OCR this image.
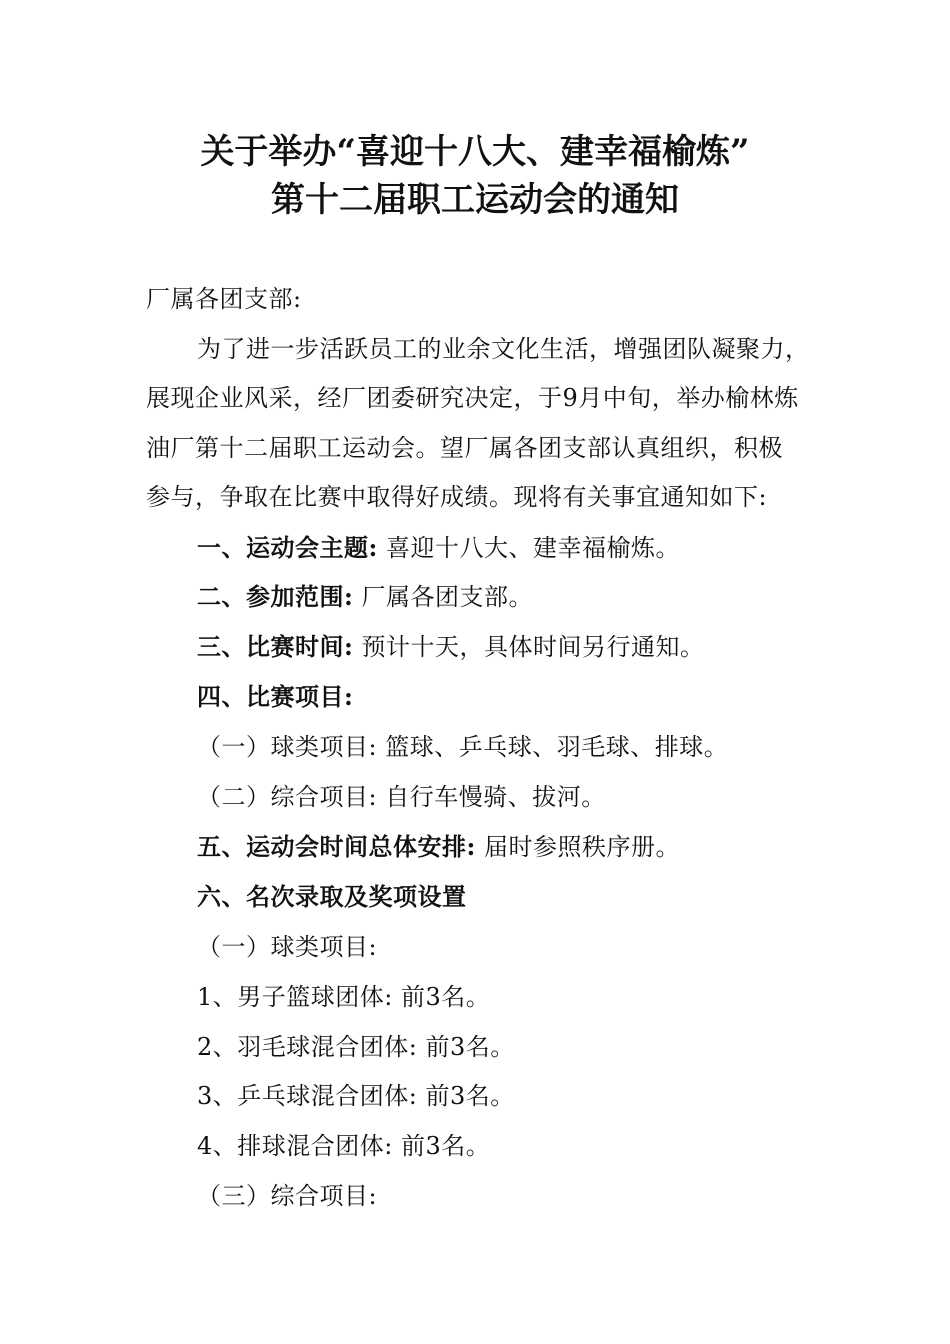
关于举办“喜迎十八大、建幸福榆炼”
第十二届职工运动会的通知
厂属各团支部:
为了进一步活跃员工的业余文化生活，增强团队凝聚力，
展现企业风采，经厂团委研究决定，于9月中旬，举办榆林炼
油厂第十二届职工运动会。望厂属各团支部认真组织，积极
参与，争取在比赛中取得好成绩。现将有关事宜通知如下:
一、运动会主题: 喜迎十八大、建幸福榆炼。
二、参加范围: 厂属各团支部。
三、比赛时间: 预计十天，具体时间另行通知。
四、比赛项目:
（一）球类项目: 篮球、乒乓球、羽毛球、排球。
（二）综合项目: 自行车慢骑、拔河。
五、运动会时间总体安排: 届时参照秩序册。
六、名次录取及奖项设置
（一）球类项目:
1、男子篮球团体: 前3名。
2、羽毛球混合团体: 前3名。
3、乒乓球混合团体: 前3名。
4、排球混合团体: 前3名。
（三）综合项目:
